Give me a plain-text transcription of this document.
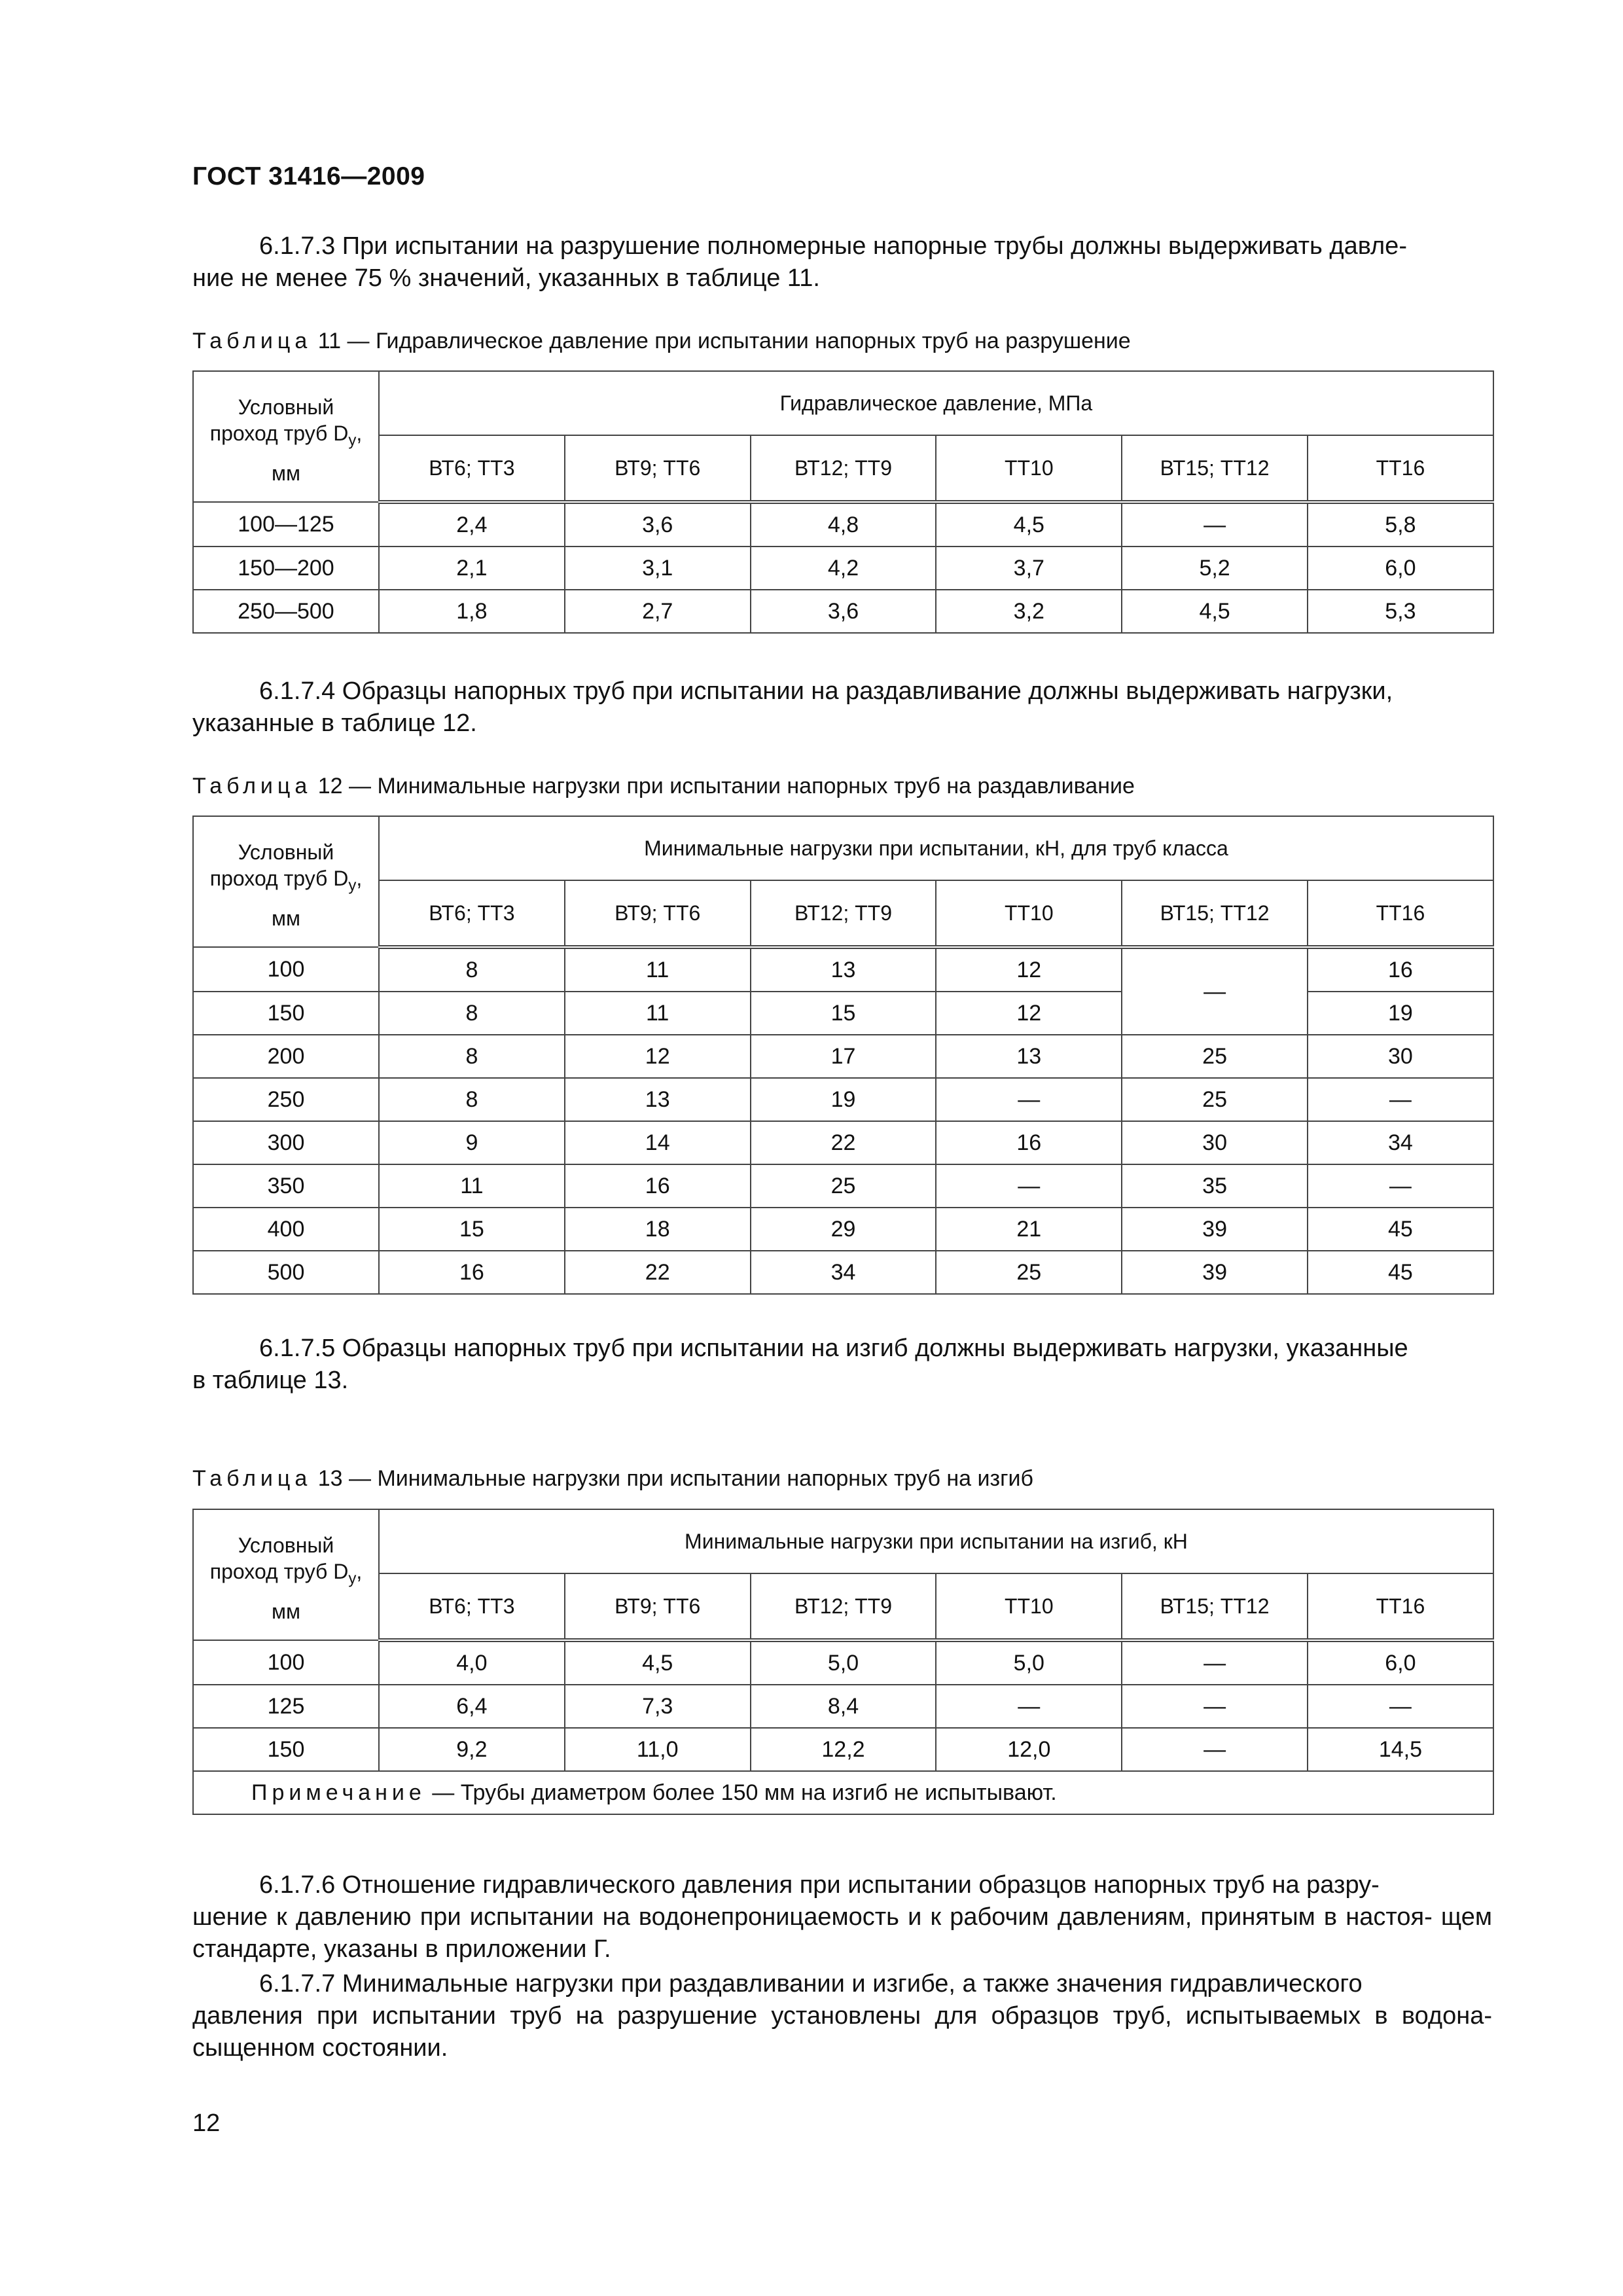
ГОСТ 31416—2009
6.1.7.3 При испытании на разрушение полномерные напорные трубы должны выдерживать давле-
ние не менее 75 % значений, указанных в таблице 11.
Таблица 11 — Гидравлическое давление при испытании напорных труб на разрушение
Условный
проход труб $D_у$,
мм	Гидравлическое давление, МПа					
	ВТ6; ТТ3	ВТ9; ТТ6	ВТ12; ТТ9	ТТ10	ВТ15; ТТ12	ТТ16
100—125	2,4	3,6	4,8	4,5	—	5,8
150—200	2,1	3,1	4,2	3,7	5,2	6,0
250—500	1,8	2,7	3,6	3,2	4,5	5,3
6.1.7.4 Образцы напорных труб при испытании на раздавливание должны выдерживать нагрузки,
указанные в таблице 12.
Таблица 12 — Минимальные нагрузки при испытании напорных труб на раздавливание
Условный
проход труб $D_у$,
мм	Минимальные нагрузки при испытании, кН, для труб класса					
	ВТ6; ТТ3	ВТ9; ТТ6	ВТ12; ТТ9	ТТ10	ВТ15; ТТ12	ТТ16
100	8	11	13	12	—	16
150	8	11	15	12		19
200	8	12	17	13	25	30
250	8	13	19	—	25	—
300	9	14	22	16	30	34
350	11	16	25	—	35	—
400	15	18	29	21	39	45
500	16	22	34	25	39	45
6.1.7.5 Образцы напорных труб при испытании на изгиб должны выдерживать нагрузки, указанные
в таблице 13.
Таблица 13 — Минимальные нагрузки при испытании напорных труб на изгиб
Условный
проход труб $D_у$,
мм	Минимальные нагрузки при испытании на изгиб, кН					
	ВТ6; ТТ3	ВТ9; ТТ6	ВТ12; ТТ9	ТТ10	ВТ15; ТТ12	ТТ16
100	4,0	4,5	5,0	5,0	—	6,0
125	6,4	7,3	8,4	—	—	—
150	9,2	11,0	12,2	12,0	—	14,5
Примечание — Трубы диаметром более 150 мм на изгиб не испытывают.						
6.1.7.6 Отношение гидравлического давления при испытании образцов напорных труб на разру-
шение к давлению при испытании на водонепроницаемость и к рабочим давлениям, принятым в настоя- щем стандарте, указаны в приложении Г.
6.1.7.7 Минимальные нагрузки при раздавливании и изгибе, а также значения гидравлического
давления при испытании труб на разрушение установлены для образцов труб, испытываемых в водона- сыщенном состоянии.
12
